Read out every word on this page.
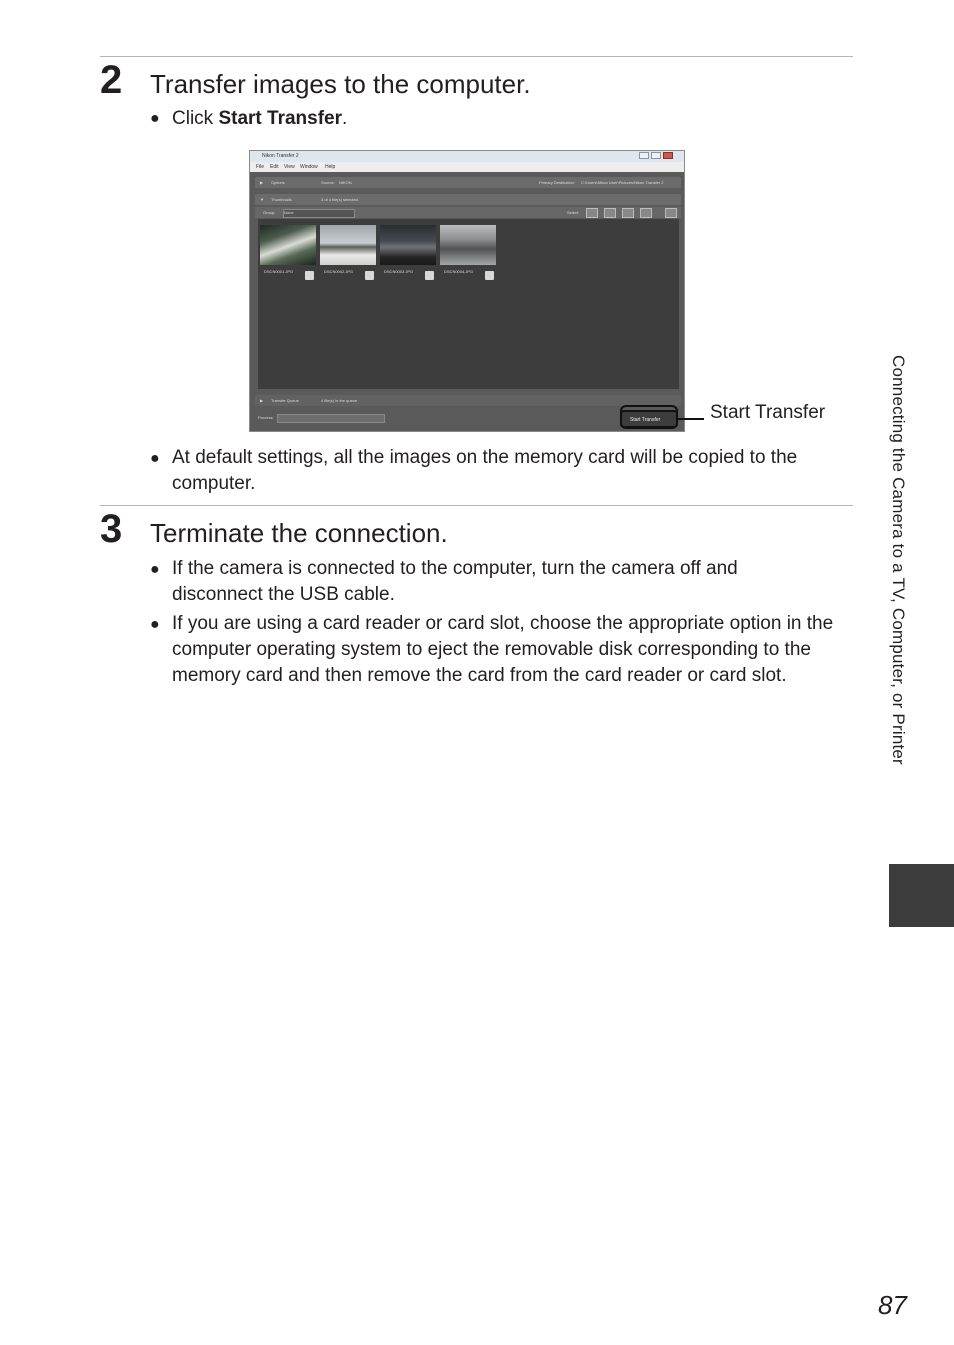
2 Transfer images to the computer.
● Click Start Transfer.
Nikon Transfer 2
File Edit View Window Help
▶ Options	Source: NIKON	Primary Destination: C:\Users\Nikon User\Pictures\Nikon Transfer 2
▼ Thumbnails	3 of 4 file(s) selected
Group: None	Select:
DSCN0001.JPG	DSCN0002.JPG	DSCN0003.JPG	DSCN0004.JPG
▶ Transfer Queue	4 file(s) in the queue
Process:	Start Transfer	Start Transfer
● At default settings, all the images on the memory card will be copied to the computer.
3 Terminate the connection.
● If the camera is connected to the computer, turn the camera off and disconnect the USB cable.
● If you are using a card reader or card slot, choose the appropriate option in the computer operating system to eject the removable disk corresponding to the memory card and then remove the card from the card reader or card slot.	Connecting the Camera to a TV, Computer, or Printer
87
